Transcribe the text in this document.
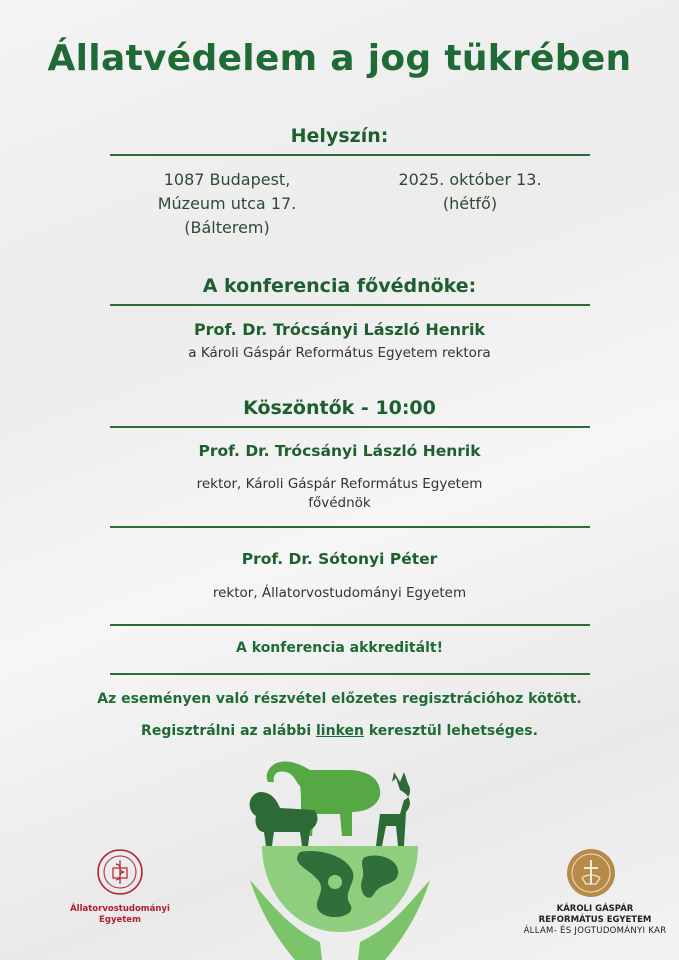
Állatvédelem a jog tükrében
Helyszín:
1087 Budapest,
Múzeum utca 17.
(Bálterem)
2025. október 13.
(hétfő)
A konferencia fővédnöke:
Prof. Dr. Trócsányi László Henrik
a Károli Gáspár Református Egyetem rektora
Köszöntők - 10:00
Prof. Dr. Trócsányi László Henrik
rektor, Károli Gáspár Református Egyetem
fővédnök
Prof. Dr. Sótonyi Péter
rektor, Állatorvostudományi Egyetem
A konferencia akkreditált!
Az eseményen való részvétel előzetes regisztrációhoz kötött.
Regisztrálni az alábbi linken keresztül lehetséges.
Állatorvostudományi
Egyetem
KÁROLI GÁSPÁR
REFORMÁTUS EGYETEM
ÁLLAM- ÉS JOGTUDOMÁNYI KAR
